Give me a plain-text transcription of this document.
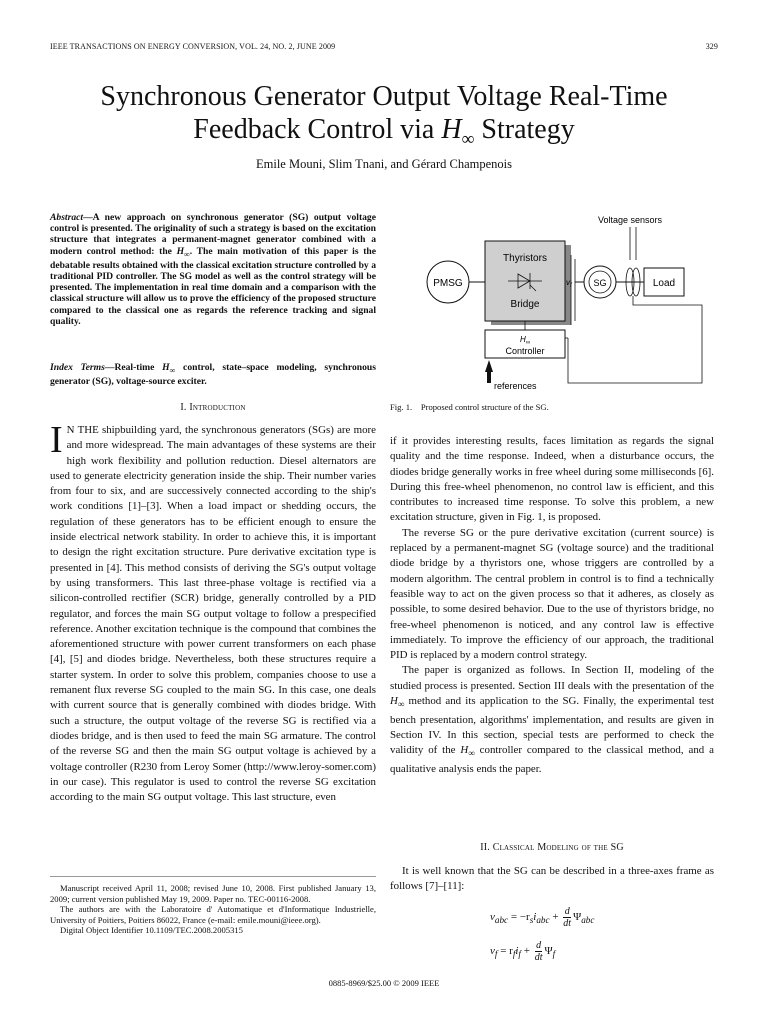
IEEE TRANSACTIONS ON ENERGY CONVERSION, VOL. 24, NO. 2, JUNE 2009	329
Synchronous Generator Output Voltage Real-Time
Feedback Control via $H_\infty$ Strategy
Emile Mouni, Slim Tnani, and Gérard Champenois
Abstract—A new approach on synchronous generator (SG) output voltage control is presented. The originality of such a strategy is based on the excitation structure that integrates a permanent-magnet generator combined with a modern control method: the $H_\infty$. The main motivation of this paper is the debatable results obtained with the classical excitation structure controlled by a traditional PID controller. The SG model as well as the control strategy will be presented. The implementation in real time domain and a comparison with the classical structure will allow us to prove the efficiency of the proposed structure compared to the classical one as regards the reference tracking and signal quality.
Index Terms—Real-time $H_\infty$ control, state–space modeling, synchronous generator (SG), voltage-source exciter.
I. Introduction

I N THE shipbuilding yard, the synchronous generators (SGs) are more and more widespread. The main advantages of these systems are their high work flexibility and pollution reduction. Diesel alternators are used to generate electricity generation inside the ship. Their number varies from four to six, and are successively connected according to the ship's work conditions [1]–[3]. When a load impact or shedding occurs, the regulation of these generators has to be efficient enough to ensure the inside electrical network stability. In order to achieve this, it is important to design the right excitation structure. Pure derivative excitation type is presented in [4]. This method consists of deriving the SG's output voltage by using transformers. This last three-phase voltage is rectified via a silicon-controlled rectifier (SCR) bridge, generally controlled by a PID regulator, and forces the main SG output voltage to follow a prespecified reference. Another excitation technique is the compound that combines the aforementioned structure with power current transformers on each phase [4], [5] and diodes bridge. Nevertheless, both these structures require a starter system. In order to solve this problem, companies choose to use a remanent flux reverse SG coupled to the main SG. In this case, one deals with current source that is generally combined with diodes bridge. With such a structure, the output voltage of the reverse SG is rectified via a diodes bridge, and is then used to feed the main SG armature. The control of the reverse SG and then the main SG output voltage is achieved by a voltage controller (R230 from Leroy Somer (http://www.leroy-somer.com) in our case). This regulator is used to control the reverse SG excitation according to the main SG output voltage. This last structure, even

Manuscript received April 11, 2008; revised June 10, 2008. First published January 13, 2009; current version published May 19, 2009. Paper no. TEC-00116-2008.
The authors are with the Laboratoire d' Automatique et d'Informatique Industrielle, University of Poitiers, Poitiers 86022, France (e-mail: emile.mouni@ieee.org).
Digital Object Identifier 10.1109/TEC.2008.2005315
Voltage sensors
PMSG
Thyristors
Bridge
$v_f$ SG	Load
$H_\infty$
Controller
references
Fig. 1. Proposed control structure of the SG.

if it provides interesting results, faces limitation as regards the signal quality and the time response. Indeed, when a disturbance occurs, the diodes bridge generally works in free wheel during some milliseconds [6]. During this free-wheel phenomenon, no control law is efficient, and this contributes to increased time response. To solve this problem, a new excitation structure, given in Fig. 1, is proposed.

The reverse SG or the pure derivative excitation (current source) is replaced by a permanent-magnet SG (voltage source) and the traditional diode bridge by a thyristors one, whose triggers are controlled by a modern algorithm. The central problem in control is to find a technically feasible way to act on the given process so that it adheres, as closely as possible, to some desired behavior. Due to the use of thyristors bridge, no free-wheel phenomenon is noticed, and any control law is effective immediately. To improve the efficiency of our approach, the traditional PID is replaced by a modern control strategy.

The paper is organized as follows. In Section II, modeling of the studied process is presented. Section III deals with the presentation of the $H_\infty$ method and its application to the SG. Finally, the experimental test bench presentation, algorithms' implementation, and results are given in Section IV. In this section, special tests are performed to check the validity of the $H_\infty$ controller compared to the classical method, and a qualitative analysis ends the paper.

II. Classical Modeling of the SG
It is well known that the SG can be described in a three-axes frame as follows [7]–[11]:
$v_{abc} = -r_si_{abc} + \frac{d}{dt} \Psi_{abc}$
$v_f = r_fi_f + \frac{d}{dt} \Psi_f$
0885-8969/$25.00 © 2009 IEEE
